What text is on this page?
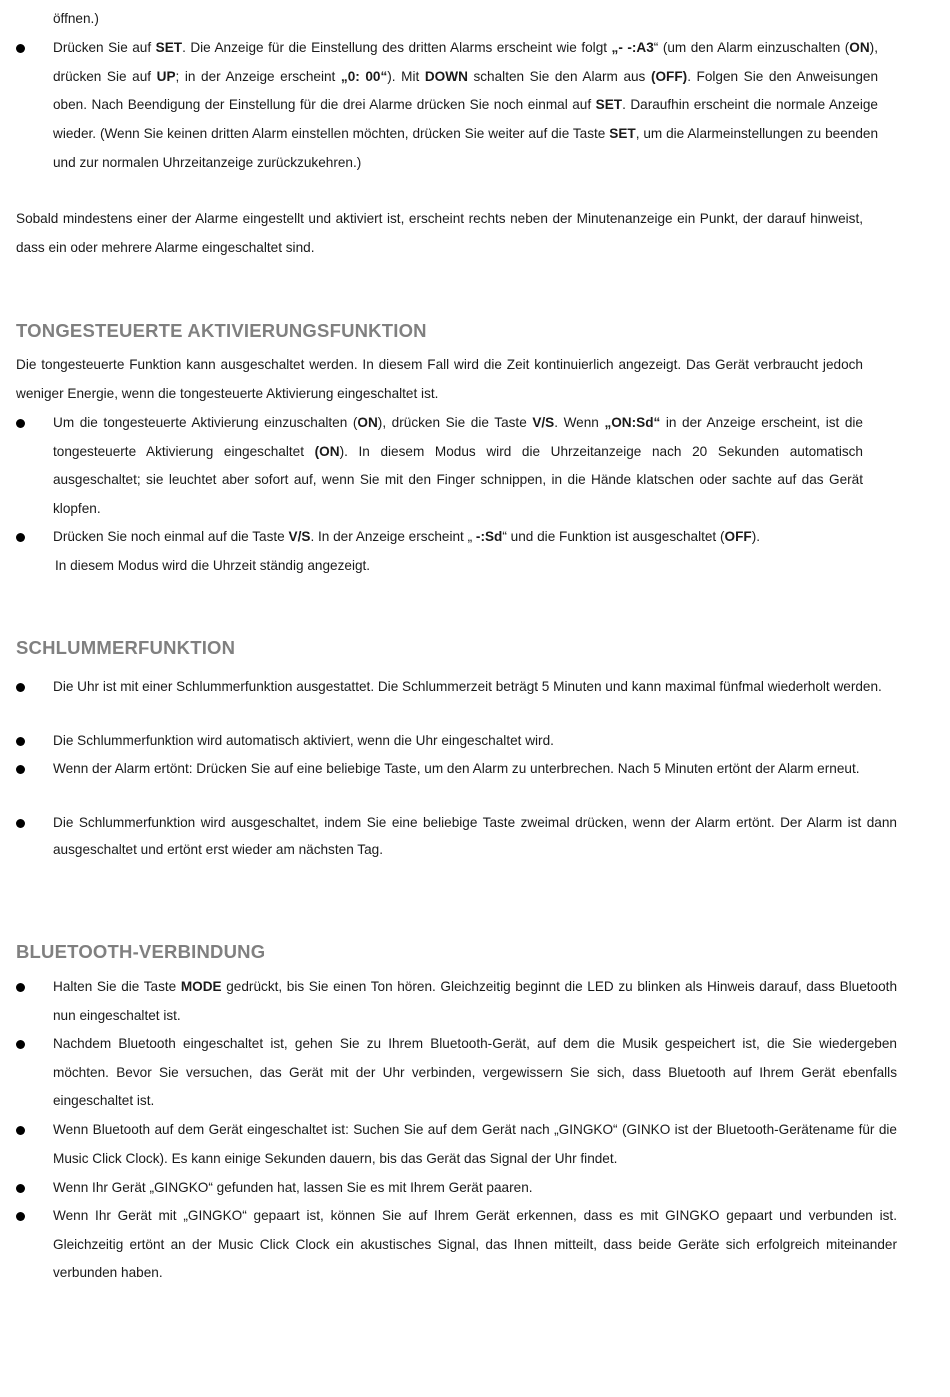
öffnen.)
Drücken Sie auf SET. Die Anzeige für die Einstellung des dritten Alarms erscheint wie folgt „- -:A3“ (um den Alarm einzuschalten (ON), drücken Sie auf UP; in der Anzeige erscheint „0: 00“). Mit DOWN schalten Sie den Alarm aus (OFF). Folgen Sie den Anweisungen oben. Nach Beendigung der Einstellung für die drei Alarme drücken Sie noch einmal auf SET. Daraufhin erscheint die normale Anzeige wieder. (Wenn Sie keinen dritten Alarm einstellen möchten, drücken Sie weiter auf die Taste SET, um die Alarmeinstellungen zu beenden und zur normalen Uhrzeitanzeige zurückzukehren.)
Sobald mindestens einer der Alarme eingestellt und aktiviert ist, erscheint rechts neben der Minutenanzeige ein Punkt, der darauf hinweist, dass ein oder mehrere Alarme eingeschaltet sind.
TONGESTEUERTE AKTIVIERUNGSFUNKTION
Die tongesteuerte Funktion kann ausgeschaltet werden. In diesem Fall wird die Zeit kontinuierlich angezeigt. Das Gerät verbraucht jedoch weniger Energie, wenn die tongesteuerte Aktivierung eingeschaltet ist.
Um die tongesteuerte Aktivierung einzuschalten (ON), drücken Sie die Taste V/S. Wenn „ON:Sd“ in der Anzeige erscheint, ist die tongesteuerte Aktivierung eingeschaltet (ON). In diesem Modus wird die Uhrzeitanzeige nach 20 Sekunden automatisch ausgeschaltet; sie leuchtet aber sofort auf, wenn Sie mit den Finger schnippen, in die Hände klatschen oder sachte auf das Gerät klopfen.
Drücken Sie noch einmal auf die Taste V/S. In der Anzeige erscheint „ -:Sd“ und die Funktion ist ausgeschaltet (OFF).
In diesem Modus wird die Uhrzeit ständig angezeigt.
SCHLUMMERFUNKTION
Die Uhr ist mit einer Schlummerfunktion ausgestattet. Die Schlummerzeit beträgt 5 Minuten und kann maximal fünfmal wiederholt werden.
Die Schlummerfunktion wird automatisch aktiviert, wenn die Uhr eingeschaltet wird.
Wenn der Alarm ertönt: Drücken Sie auf eine beliebige Taste, um den Alarm zu unterbrechen. Nach 5 Minuten ertönt der Alarm erneut.
Die Schlummerfunktion wird ausgeschaltet, indem Sie eine beliebige Taste zweimal drücken, wenn der Alarm ertönt. Der Alarm ist dann ausgeschaltet und ertönt erst wieder am nächsten Tag.
BLUETOOTH-VERBINDUNG
Halten Sie die Taste MODE gedrückt, bis Sie einen Ton hören. Gleichzeitig beginnt die LED zu blinken als Hinweis darauf, dass Bluetooth nun eingeschaltet ist.
Nachdem Bluetooth eingeschaltet ist, gehen Sie zu Ihrem Bluetooth-Gerät, auf dem die Musik gespeichert ist, die Sie wiedergeben möchten. Bevor Sie versuchen, das Gerät mit der Uhr verbinden, vergewissern Sie sich, dass Bluetooth auf Ihrem Gerät ebenfalls eingeschaltet ist.
Wenn Bluetooth auf dem Gerät eingeschaltet ist: Suchen Sie auf dem Gerät nach „GINGKO“ (GINKO ist der Bluetooth-Gerätename für die Music Click Clock). Es kann einige Sekunden dauern, bis das Gerät das Signal der Uhr findet.
Wenn Ihr Gerät „GINGKO“ gefunden hat, lassen Sie es mit Ihrem Gerät paaren.
Wenn Ihr Gerät mit „GINGKO“ gepaart ist, können Sie auf Ihrem Gerät erkennen, dass es mit GINGKO gepaart und verbunden ist. Gleichzeitig ertönt an der Music Click Clock ein akustisches Signal, das Ihnen mitteilt, dass beide Geräte sich erfolgreich miteinander verbunden haben.
